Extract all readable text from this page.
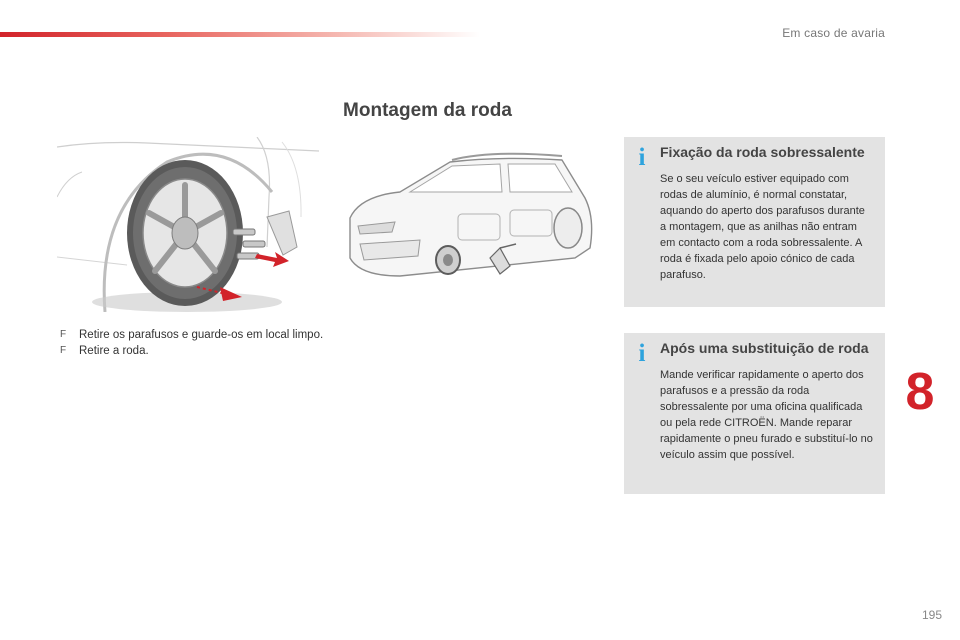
Em caso de avaria
Montagem da roda
F Retire os parafusos e guarde-os em local limpo.
F Retire a roda.
i Fixação da roda sobressalente
Se o seu veículo estiver equipado com rodas de alumínio, é normal constatar, aquando do aperto dos parafusos durante a montagem, que as anilhas não entram em contacto com a roda sobressalente. A roda é fixada pelo apoio cónico de cada parafuso.
i Após uma substituição de roda
Mande verificar rapidamente o aperto dos parafusos e a pressão da roda sobressalente por uma oficina qualificada ou pela rede CITROËN. Mande reparar rapidamente o pneu furado e substituí-lo no veículo assim que possível.
8
195
